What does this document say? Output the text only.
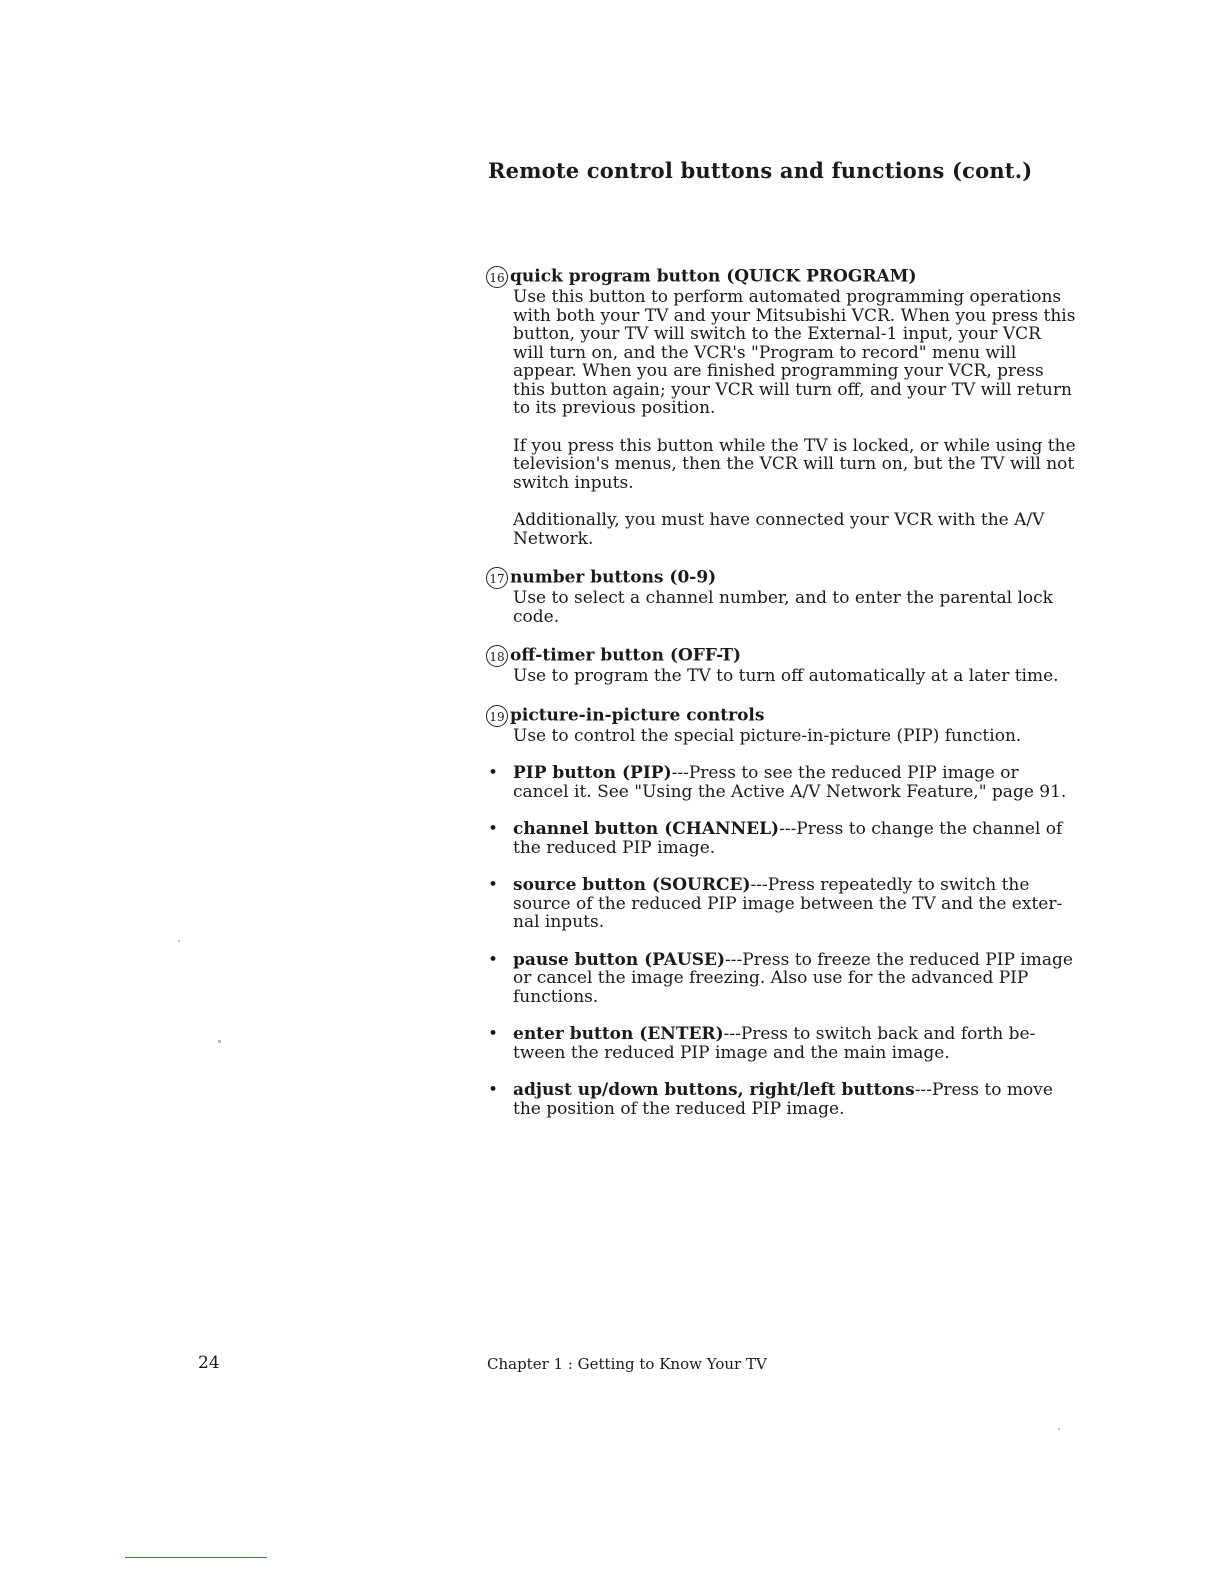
Remote control buttons and functions (cont.)
16 quick program button (QUICK PROGRAM)
Use this button to perform automated programming operations with both your TV and your Mitsubishi VCR. When you press this button, your TV will switch to the External-1 input, your VCR will turn on, and the VCR's "Program to record" menu will appear. When you are finished programming your VCR, press this button again; your VCR will turn off, and your TV will return to its previous position.
If you press this button while the TV is locked, or while using the television's menus, then the VCR will turn on, but the TV will not switch inputs.
Additionally, you must have connected your VCR with the A/V Network.
17 number buttons (0-9)
Use to select a channel number, and to enter the parental lock code.
18 off-timer button (OFF-T)
Use to program the TV to turn off automatically at a later time.
19 picture-in-picture controls
Use to control the special picture-in-picture (PIP) function.
• PIP button (PIP)---Press to see the reduced PIP image or cancel it. See "Using the Active A/V Network Feature," page 91.
• channel button (CHANNEL)---Press to change the channel of the reduced PIP image.
• source button (SOURCE)---Press repeatedly to switch the source of the reduced PIP image between the TV and the exter-nal inputs.
• pause button (PAUSE)---Press to freeze the reduced PIP image or cancel the image freezing. Also use for the advanced PIP functions.
• enter button (ENTER)---Press to switch back and forth be-tween the reduced PIP image and the main image.
• adjust up/down buttons, right/left buttons---Press to move the position of the reduced PIP image.
24	Chapter 1 : Getting to Know Your TV
